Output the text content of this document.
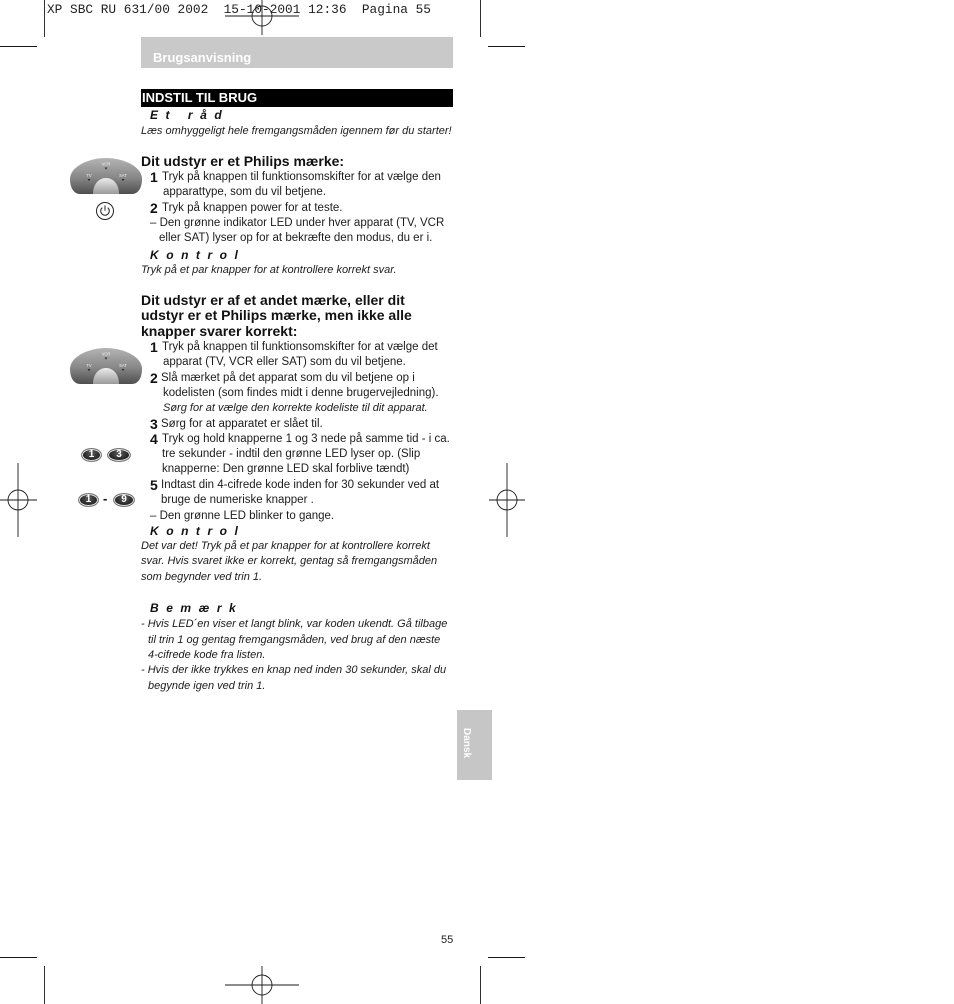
XP SBC RU 631/00 2002  15-10-2001 12:36  Pagina 55
Brugsanvisning
INDSTIL TIL BRUG
E t   r å d
Læs omhyggeligt hele fremgangsmåden igennem før du starter!
VCR
TV	SAT
Dit udstyr er et Philips mærke:
1 Tryk på knappen til funktionsomskifter for at vælge den
apparattype, som du vil betjene.
2 Tryk på knappen power for at teste.
– Den grønne indikator LED under hver apparat (TV, VCR
eller SAT) lyser op for at bekræfte den modus, du er i.
K o n t r o l
Tryk på et par knapper for at kontrollere korrekt svar.
Dit udstyr er af et andet mærke, eller dit
udstyr er et Philips mærke, men ikke alle
knapper svarer korrekt:
VCR
TV	SAT
1 Tryk på knappen til funktionsomskifter for at vælge det
apparat (TV, VCR eller SAT) som du vil betjene.
2 Slå mærket på det apparat som du vil betjene op i
kodelisten (som findes midt i denne brugervejledning).
Sørg for at vælge den korrekte kodeliste til dit apparat.
3 Sørg for at apparatet er slået til.
4 Tryk og hold knapperne 1 og 3 nede på samme tid - i ca.
tre sekunder - indtil den grønne LED lyser op. (Slip
knapperne: Den grønne LED skal forblive tændt)
1	3
5 Indtast din 4-cifrede kode inden for 30 sekunder ved at
bruge de numeriske knapper .
1 -	9
– Den grønne LED blinker to gange.
K o n t r o l
Det var det! Tryk på et par knapper for at kontrollere korrekt
svar. Hvis svaret ikke er korrekt, gentag så fremgangsmåden
som begynder ved trin 1.
B e m æ r k
- Hvis LED´en viser et langt blink, var koden ukendt. Gå tilbage
til trin 1 og gentag fremgangsmåden, ved brug af den næste
4-cifrede kode fra listen.
- Hvis der ikke trykkes en knap ned inden 30 sekunder, skal du
begynde igen ved trin 1.
Dansk
55
